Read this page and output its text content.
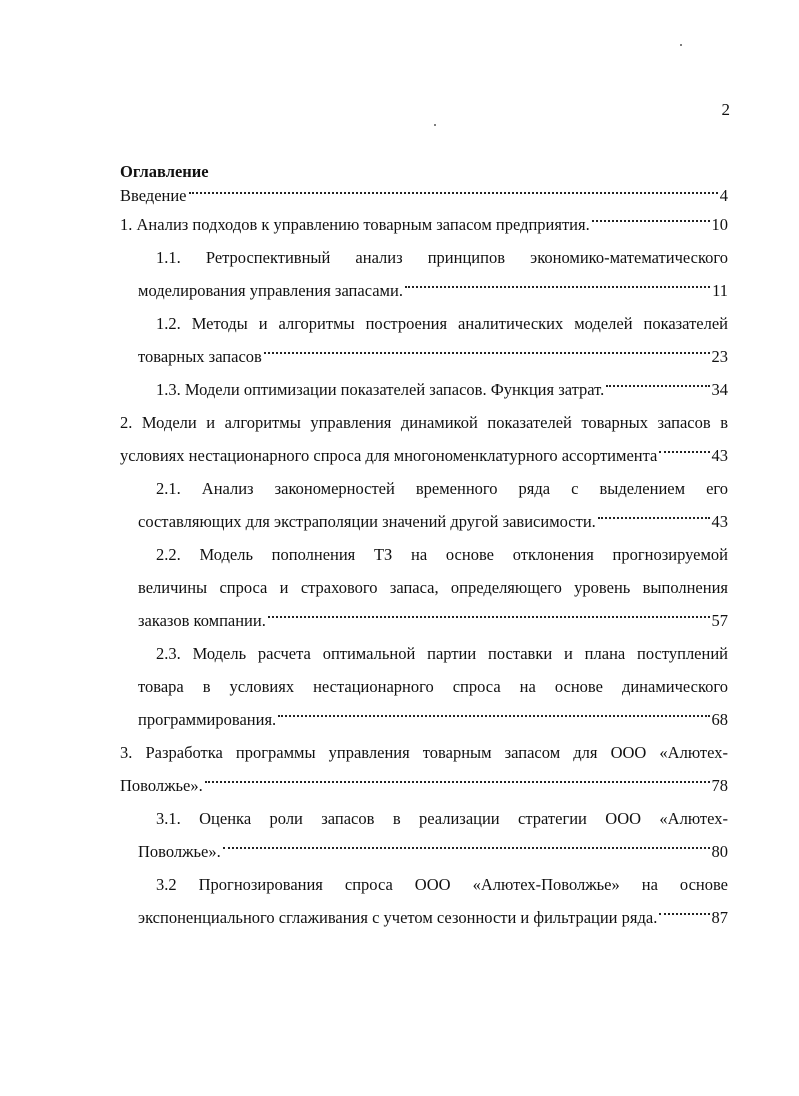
2
Оглавление
Введение	4
1. Анализ подходов к управлению товарным запасом предприятия.	10
1.1. Ретроспективный анализ принципов экономико-математического
моделирования управления запасами.	11
1.2. Методы и алгоритмы построения аналитических моделей показателей
товарных запасов	23
1.3. Модели оптимизации показателей запасов. Функция затрат.	34
2. Модели и алгоритмы управления динамикой показателей товарных запасов в
условиях нестационарного спроса для многономенклатурного ассортимента	43
2.1. Анализ закономерностей временного ряда с выделением его
составляющих для экстраполяции значений другой зависимости.	43
2.2. Модель пополнения ТЗ на основе отклонения прогнозируемой
величины спроса и страхового запаса, определяющего уровень выполнения
заказов компании.	57
2.3. Модель расчета оптимальной партии поставки и плана поступлений
товара в условиях нестационарного спроса на основе динамического
программирования.	68
3. Разработка программы управления товарным запасом для ООО «Алютех-
Поволжье».	78
3.1. Оценка роли запасов в реализации стратегии ООО «Алютех-
Поволжье».	80
3.2 Прогнозирования спроса ООО «Алютех-Поволжье» на основе
экспоненциального сглаживания с учетом сезонности и фильтрации ряда.	87
